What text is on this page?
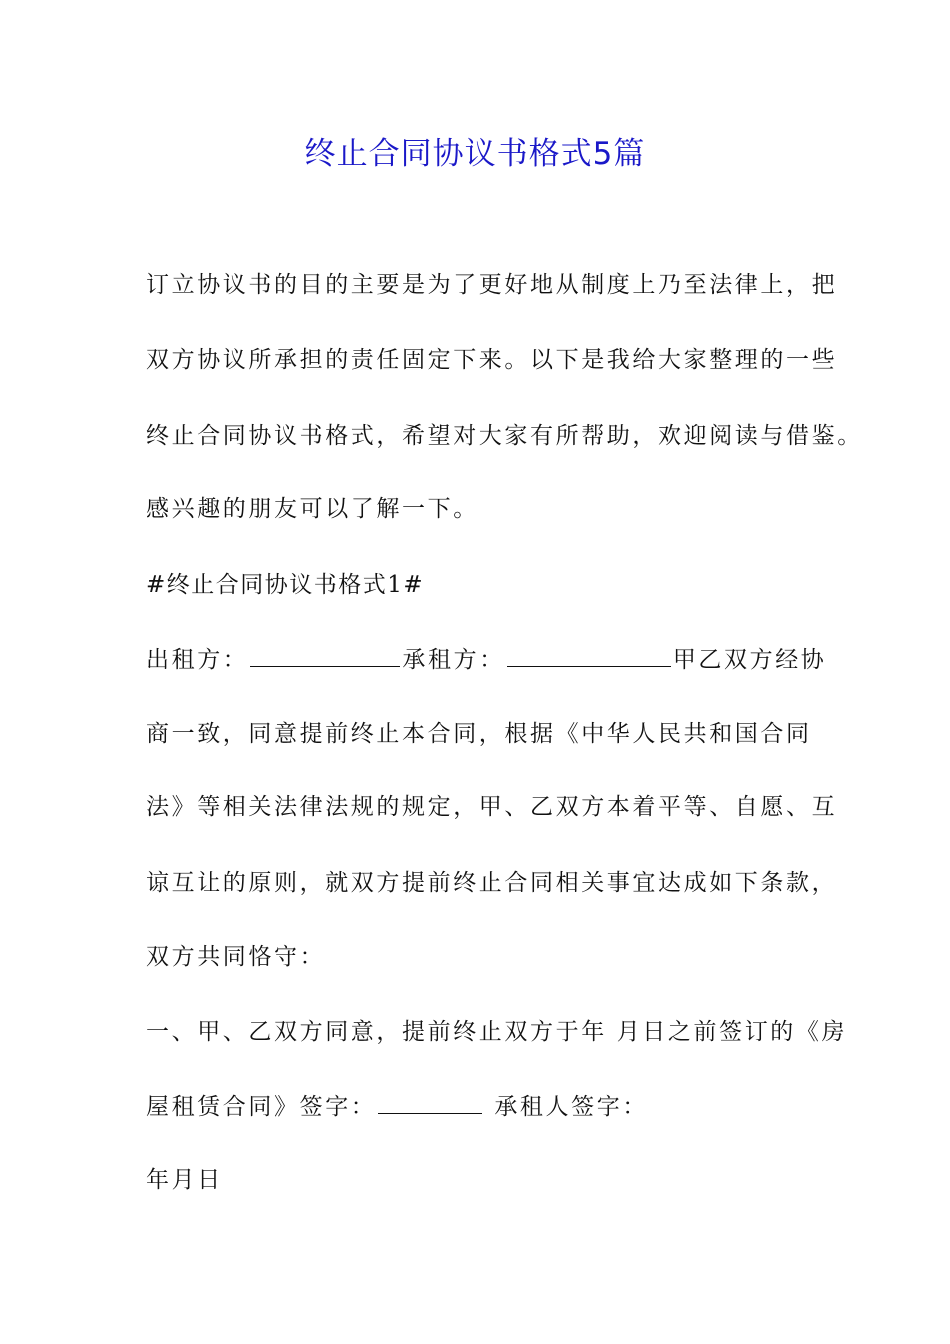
终止合同协议书格式5篇
订立协议书的目的主要是为了更好地从制度上乃至法律上，把
双方协议所承担的责任固定下来。以下是我给大家整理的一些
终止合同协议书格式，希望对大家有所帮助，欢迎阅读与借鉴。
感兴趣的朋友可以了解一下。
#终止合同协议书格式1#
出租方：	承租方：	甲乙双方经协
商一致，同意提前终止本合同，根据《中华人民共和国合同
法》等相关法律法规的规定，甲、乙双方本着平等、自愿、互
谅互让的原则，就双方提前终止合同相关事宜达成如下条款，
双方共同恪守：
一、甲、乙双方同意，提前终止双方于年 月日之前签订的《房
屋租赁合同》签字：	承租人签字：
年月日
